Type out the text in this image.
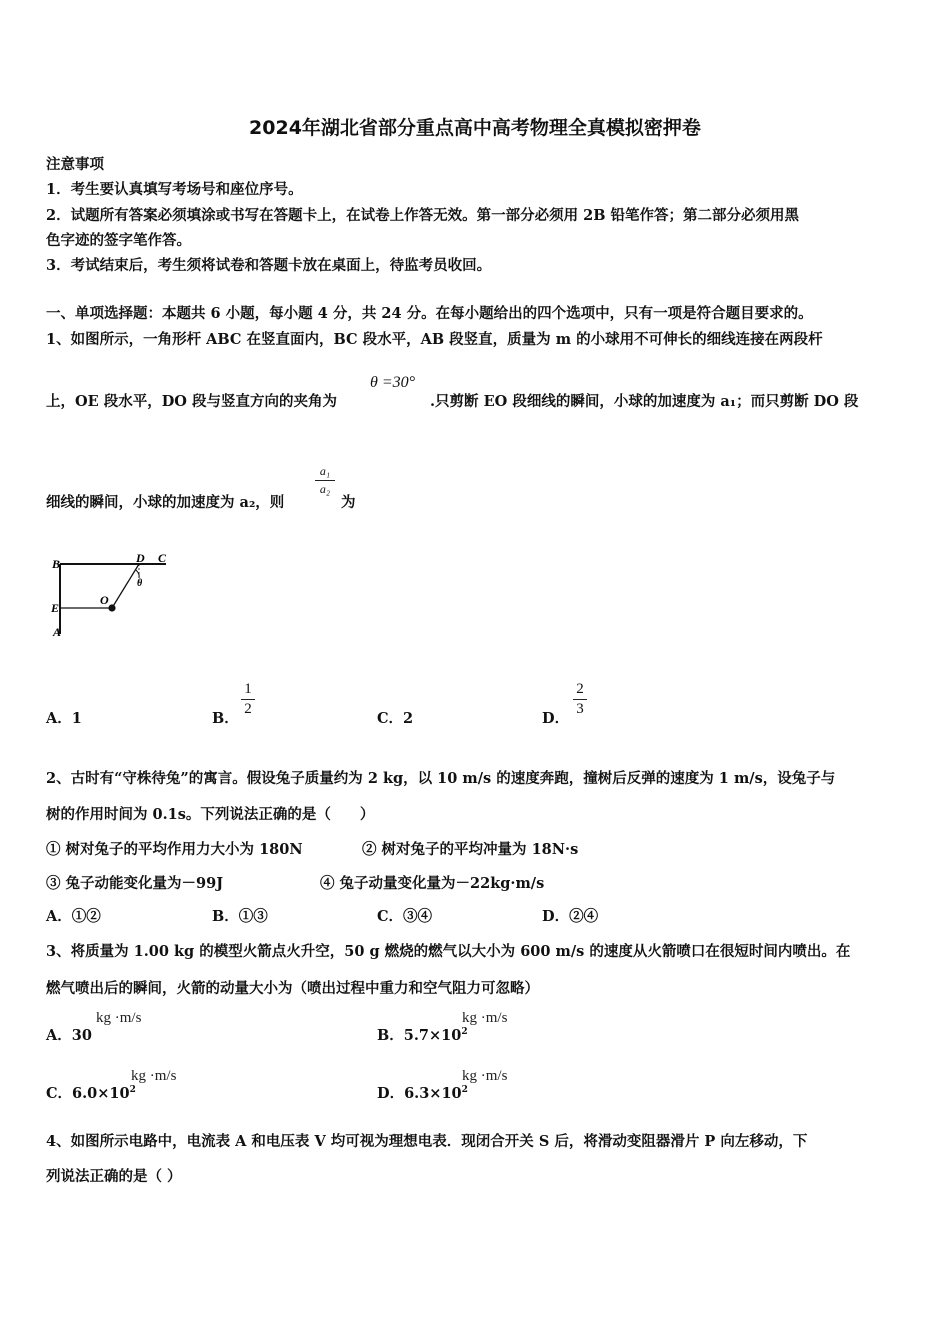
2024年湖北省部分重点高中高考物理全真模拟密押卷
注意事项
1．考生要认真填写考场号和座位序号。
2．试题所有答案必须填涂或书写在答题卡上，在试卷上作答无效。第一部分必须用 2B 铅笔作答；第二部分必须用黑
色字迹的签字笔作答。
3．考试结束后，考生须将试卷和答题卡放在桌面上，待监考员收回。
一、单项选择题：本题共 6 小题，每小题 4 分，共 24 分。在每小题给出的四个选项中，只有一项是符合题目要求的。
1、如图所示，一角形杆 ABC 在竖直面内，BC 段水平，AB 段竖直，质量为 m 的小球用不可伸长的细线连接在两段杆
上，OE 段水平，DO 段与竖直方向的夹角为
θ =30°
.只剪断 EO 段细线的瞬间，小球的加速度为 a₁；而只剪断 DO 段
细线的瞬间，小球的加速度为 a₂，则
a₁
a₂
为
B	D C
θ
E
O
A
A．1	B．
1
2
C．2	D．
2
3
2、古时有“守株待兔”的寓言。假设兔子质量约为 2 kg，以 10 m/s 的速度奔跑，撞树后反弹的速度为 1 m/s，设兔子与
树的作用时间为 0.1s。下列说法正确的是（　　）
① 树对兔子的平均作用力大小为 180N	② 树对兔子的平均冲量为 18N·s
③ 兔子动能变化量为－99J	④ 兔子动量变化量为－22kg·m/s
A．①②	B．①③	C．③④	D．②④
3、将质量为 1.00 kg 的模型火箭点火升空，50 g 燃烧的燃气以大小为 600 m/s 的速度从火箭喷口在很短时间内喷出。在
燃气喷出后的瞬间，火箭的动量大小为（喷出过程中重力和空气阻力可忽略）
A．30
kg ·m/s
B．$5.7\times 10^2$
kg ·m/s
C．$6.0\times 10^2$
kg ·m/s
D．$6.3\times 10^2$
kg ·m/s
4、如图所示电路中，电流表 A 和电压表 V 均可视为理想电表．现闭合开关 S 后，将滑动变阻器滑片 P 向左移动，下
列说法正确的是（ ）
